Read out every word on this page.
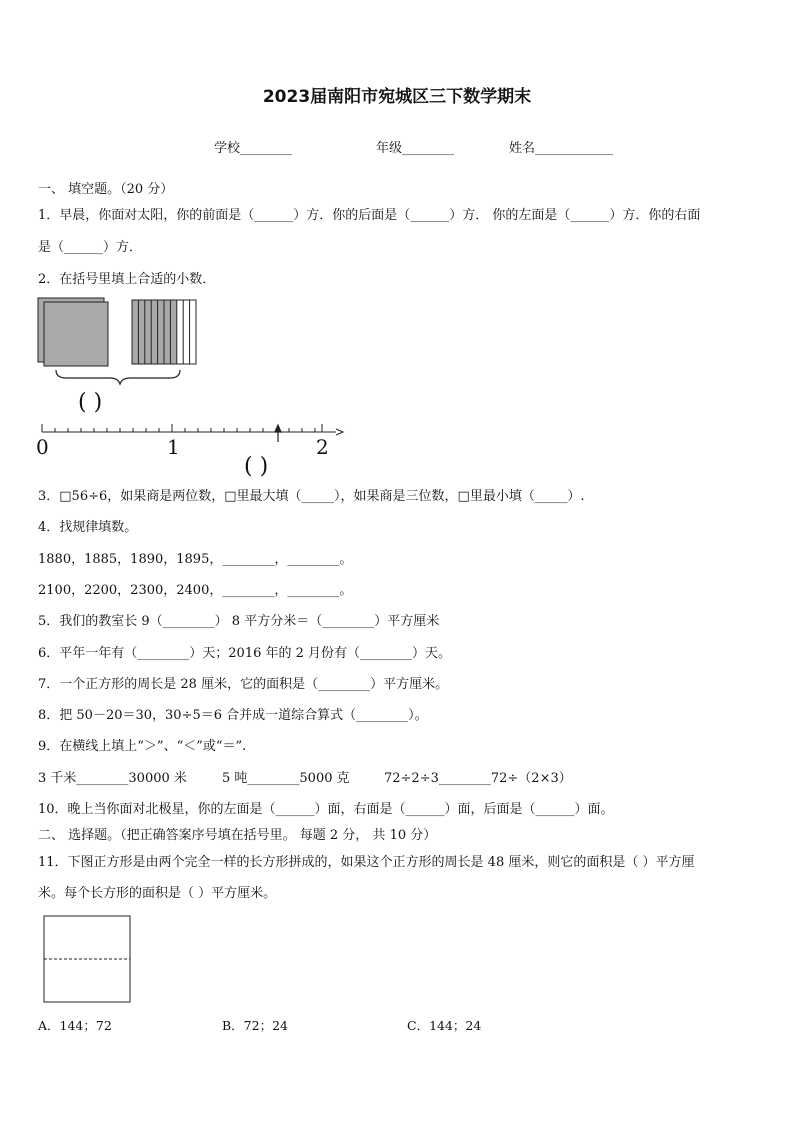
2023届南阳市宛城区三下数学期末
学校________	年级________	姓名____________
一、 填空题。（20 分）
1．早晨，你面对太阳，你的前面是（______）方．你的后面是（______）方． 你的左面是（______）方．你的右面
是（______）方．
2．在括号里填上合适的小数．
( )
0	1	2
( )
3．□56÷6，如果商是两位数，□里最大填（_____），如果商是三位数，□里最小填（_____）.
4．找规律填数。
1880，1885，1890，1895，________，________。
2100，2200，2300，2400，________，________。
5．我们的教室长 9（________） 8 平方分米＝（________）平方厘米
6．平年一年有（________）天；2016 年的 2 月份有（________）天。
7．一个正方形的周长是 28 厘米，它的面积是（________）平方厘米。
8．把 50－20＝30，30÷5＝6 合并成一道综合算式（________）。
9．在横线上填上“＞”、“＜”或“＝”.
3 千米________30000 米	5 吨________5000 克	72÷2÷3________72÷（2×3）
10．晚上当你面对北极星，你的左面是（______）面，右面是（______）面，后面是（______）面。
二、 选择题。（把正确答案序号填在括号里。 每题 2 分， 共 10 分）
11．下图正方形是由两个完全一样的长方形拼成的，如果这个正方形的周长是 48 厘米，则它的面积是（ ）平方厘
米。每个长方形的面积是（ ）平方厘米。
A．144；72	B．72；24	C．144；24
